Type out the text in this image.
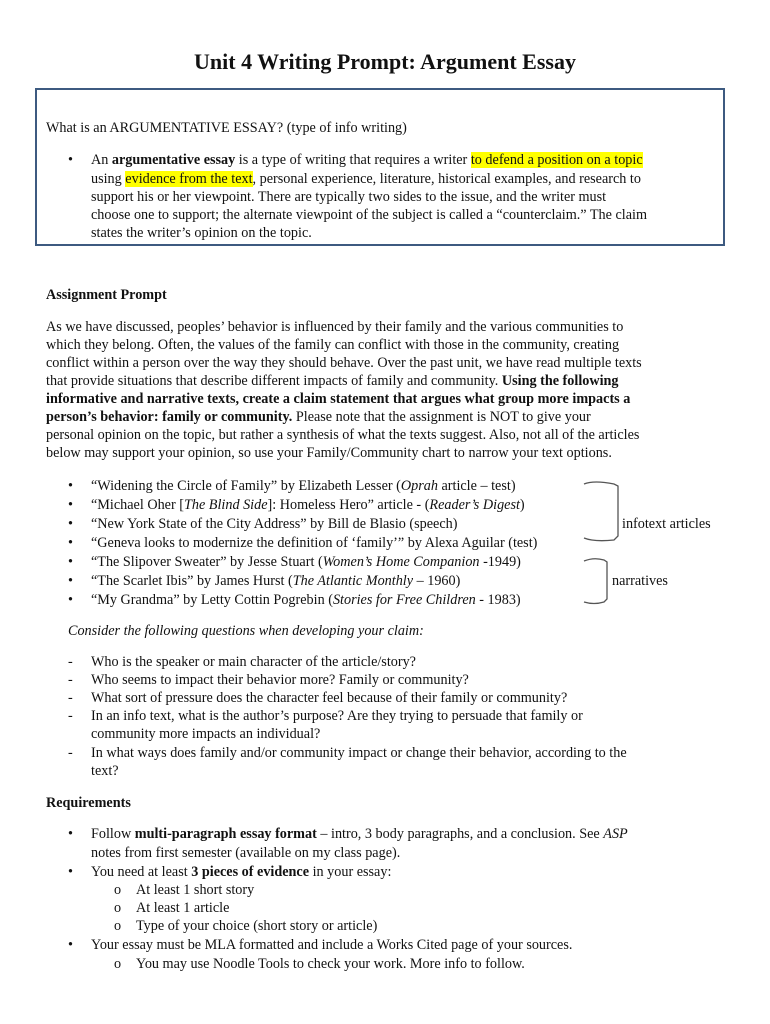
Unit 4 Writing Prompt: Argument Essay
What is an ARGUMENTATIVE ESSAY? (type of info writing)
• An argumentative essay is a type of writing that requires a writer to defend a position on a topic
using evidence from the text, personal experience, literature, historical examples, and research to
support his or her viewpoint. There are typically two sides to the issue, and the writer must
choose one to support; the alternate viewpoint of the subject is called a “counterclaim.” The claim
states the writer’s opinion on the topic.
Assignment Prompt
As we have discussed, peoples’ behavior is influenced by their family and the various communities to
which they belong. Often, the values of the family can conflict with those in the community, creating
conflict within a person over the way they should behave. Over the past unit, we have read multiple texts
that provide situations that describe different impacts of family and community. Using the following
informative and narrative texts, create a claim statement that argues what group more impacts a
person’s behavior: family or community. Please note that the assignment is NOT to give your
personal opinion on the topic, but rather a synthesis of what the texts suggest. Also, not all of the articles
below may support your opinion, so use your Family/Community chart to narrow your text options.
• “Widening the Circle of Family” by Elizabeth Lesser (Oprah article – test)
• “Michael Oher [The Blind Side]: Homeless Hero” article - (Reader’s Digest)
• “New York State of the City Address” by Bill de Blasio (speech)
• “Geneva looks to modernize the definition of ‘family’” by Alexa Aguilar (test)
• “The Slipover Sweater” by Jesse Stuart (Women’s Home Companion -1949)
• “The Scarlet Ibis” by James Hurst (The Atlantic Monthly – 1960)
• “My Grandma” by Letty Cottin Pogrebin (Stories for Free Children - 1983)
infotext articles
narratives
Consider the following questions when developing your claim:
- Who is the speaker or main character of the article/story?
- Who seems to impact their behavior more? Family or community?
- What sort of pressure does the character feel because of their family or community?
- In an info text, what is the author’s purpose? Are they trying to persuade that family or
community more impacts an individual?
- In what ways does family and/or community impact or change their behavior, according to the
text?
Requirements
• Follow multi-paragraph essay format – intro, 3 body paragraphs, and a conclusion. See ASP
notes from first semester (available on my class page).
• You need at least 3 pieces of evidence in your essay:
o At least 1 short story
o At least 1 article
o Type of your choice (short story or article)
• Your essay must be MLA formatted and include a Works Cited page of your sources.
o You may use Noodle Tools to check your work. More info to follow.
